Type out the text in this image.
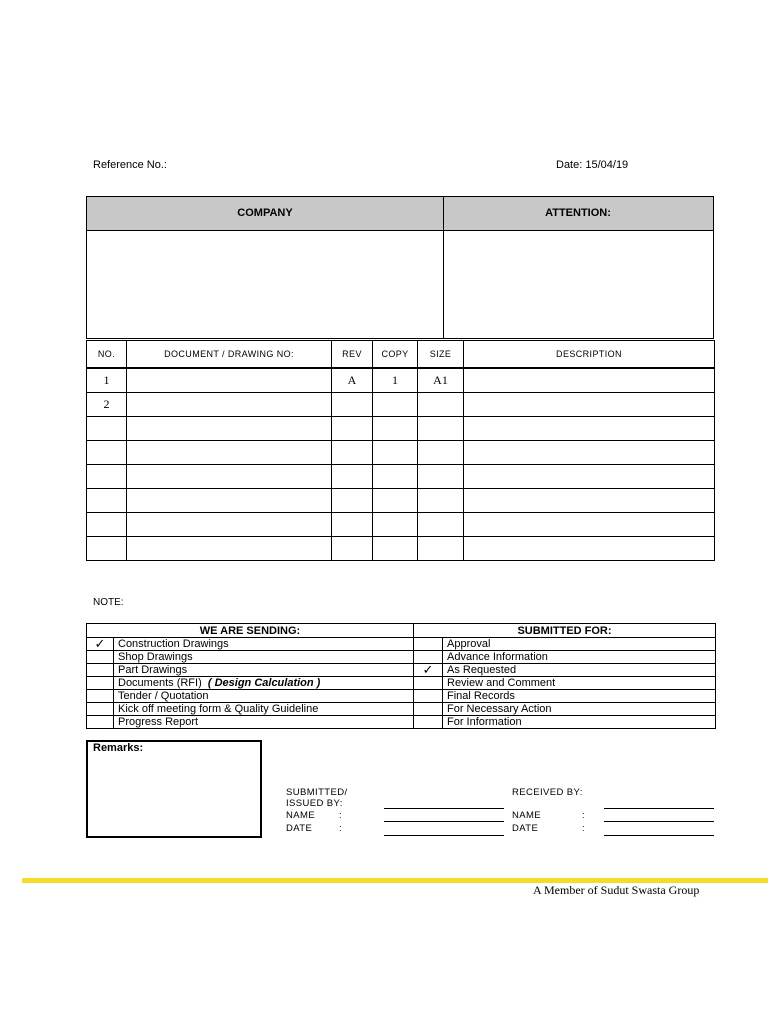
Reference No.:	Date: 15/04/19
COMPANY	ATTENTION:
NO.	DOCUMENT / DRAWING NO:	REV	COPY	SIZE	DESCRIPTION
1		A	1	A1	
2					

NOTE:
WE ARE SENDING:		SUBMITTED FOR:	
✓	Construction Drawings		Approval
	Shop Drawings		Advance Information
	Part Drawings	✓	As Requested
	Documents (RFI) ( Design Calculation )		Review and Comment
	Tender / Quotation		Final Records
	Kick off meeting form & Quality Guideline		For Necessary Action
	Progress Report		For Information
Remarks:
SUBMITTED/
ISSUED BY:
NAME	:
DATE	:
RECEIVED BY:
NAME	:
DATE	:
A Member of Sudut Swasta Group
